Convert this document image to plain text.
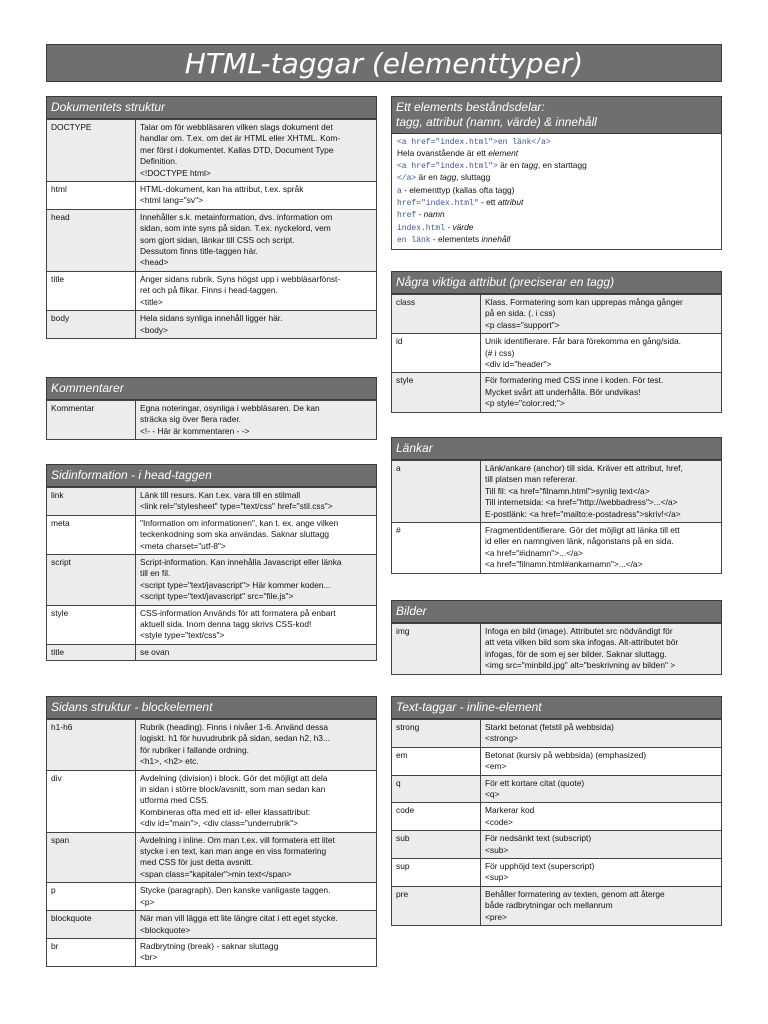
HTML-taggar (elementtyper)
Dokumentets struktur
DOCTYPE	Talar om för webbläsaren vilken slags dokument det
handlar om. T.ex. om det är HTML eller XHTML. Kom-
mer först i dokumentet. Kallas DTD, Document Type
Definition.
<!DOCTYPE html>

html	HTML-dokument, kan ha attribut, t.ex. språk
<html lang="sv">

head	Innehåller s.k. metainformation, dvs. information om
sidan, som inte syns på sidan. T.ex. nyckelord, vem
som gjort sidan, länkar till CSS och script.
Dessutom finns title-taggen här.
<head>

title	Anger sidans rubrik. Syns högst upp i webbläsarfönst-
ret och på flikar. Finns i head-taggen.
<title>

body	Hela sidans synliga innehåll ligger här.
<body>
Kommentarer
Kommentar	Egna noteringar, osynliga i webbläsaren. De kan
sträcka sig över flera rader.
<!- - Här är kommentaren - ->
Sidinformation - i head-taggen
link	Länk till resurs. Kan t.ex. vara till en stilmall
<link rel="stylesheet" type="text/css" href="stil.css">

meta	"Information om informationen", kan t. ex. ange vilken
teckenkodning som ska användas. Saknar sluttagg
<meta charset="utf-8">

script	Script-information. Kan innehålla Javascript eller länka
till en fil.
<script type="text/javascript"> Här kommer koden...
<script type="text/javascript" src="file.js">

style	CSS-information Används för att formatera på enbart
aktuell sida. Inom denna tagg skrivs CSS-kod!
<style type="text/css">

title	se ovan
Sidans struktur - blockelement
h1-h6	Rubrik (heading). Finns i nivåer 1-6. Använd dessa
logiskt. h1 för huvudrubrik på sidan, sedan h2, h3...
för rubriker i fallande ordning.
<h1>, <h2> etc.

div	Avdelning (division) i block. Gör det möjligt att dela
in sidan i större block/avsnitt, som man sedan kan
utforma med CSS.
Kombineras ofta med ett id- eller klassattribut:
<div id="main">, <div class="underrubrik">

span	Avdelning i inline. Om man t.ex. vill formatera ett litet
stycke i en text, kan man ange en viss formatering
med CSS för just detta avsnitt.
<span class="kapitaler">min text</span>

p	Stycke (paragraph). Den kanske vanligaste taggen.
<p>

blockquote	När man vill lägga ett lite längre citat i ett eget stycke.
<blockquote>

br	Radbrytning (break) - saknar sluttagg
<br>
Ett elements beståndsdelar:
tagg, attribut (namn, värde) & innehåll
<a href="index.html">en länk</a>
Hela ovanstående är ett element
<a href="index.html"> är en tagg, en starttagg
</a> är en tagg, sluttagg
a - elementtyp (kallas ofta tagg)
href="index.html" - ett attribut
href - namn
index.html - värde
en länk - elementets innehåll
Några viktiga attribut (preciserar en tagg)
class	Klass. Formatering som kan upprepas många gånger
på en sida. (. i css)
<p class="support">

id	Unik identifierare. Får bara förekomma en gång/sida.
(# i css)
<div id="header">

style	För formatering med CSS inne i koden. För test.
Mycket svårt att underhålla. Bör undvikas!
<p style="color:red;">
Länkar
a	Länk/ankare (anchor) till sida. Kräver ett attribut, href,
till platsen man refererar.
Till fil: <a href="filnamn.html">synlig text</a>
Till internetsida: <a href="http://webbadress">...</a>
E-postlänk: <a href="mailto:e-postadress">skriv!</a>

#	Fragmentidentifierare. Gör det möjligt att länka till ett
id eller en namngiven länk, någonstans på en sida.
<a href="#idnamn">...</a>
<a href="filnamn.html#ankarnamn">...</a>
Bilder
img	Infoga en bild (image). Attributet src nödvändigt för
att veta vilken bild som ska infogas. Alt-attributet bör
infogas, för de som ej ser bilder. Saknar sluttagg.
<img src="minbild.jpg" alt="beskrivning av bilden" >
Text-taggar - inline-element
strong	Starkt betonat (fetstil på webbsida)
<strong>

em	Betonat (kursiv på webbsida) (emphasized)
<em>

q	För ett kortare citat (quote)
<q>

code	Markerar kod
<code>

sub	För nedsänkt text (subscript)
<sub>

sup	För upphöjd text (superscript)
<sup>

pre	Behåller formatering av texten, genom att återge
både radbrytningar och mellanrum
<pre>
